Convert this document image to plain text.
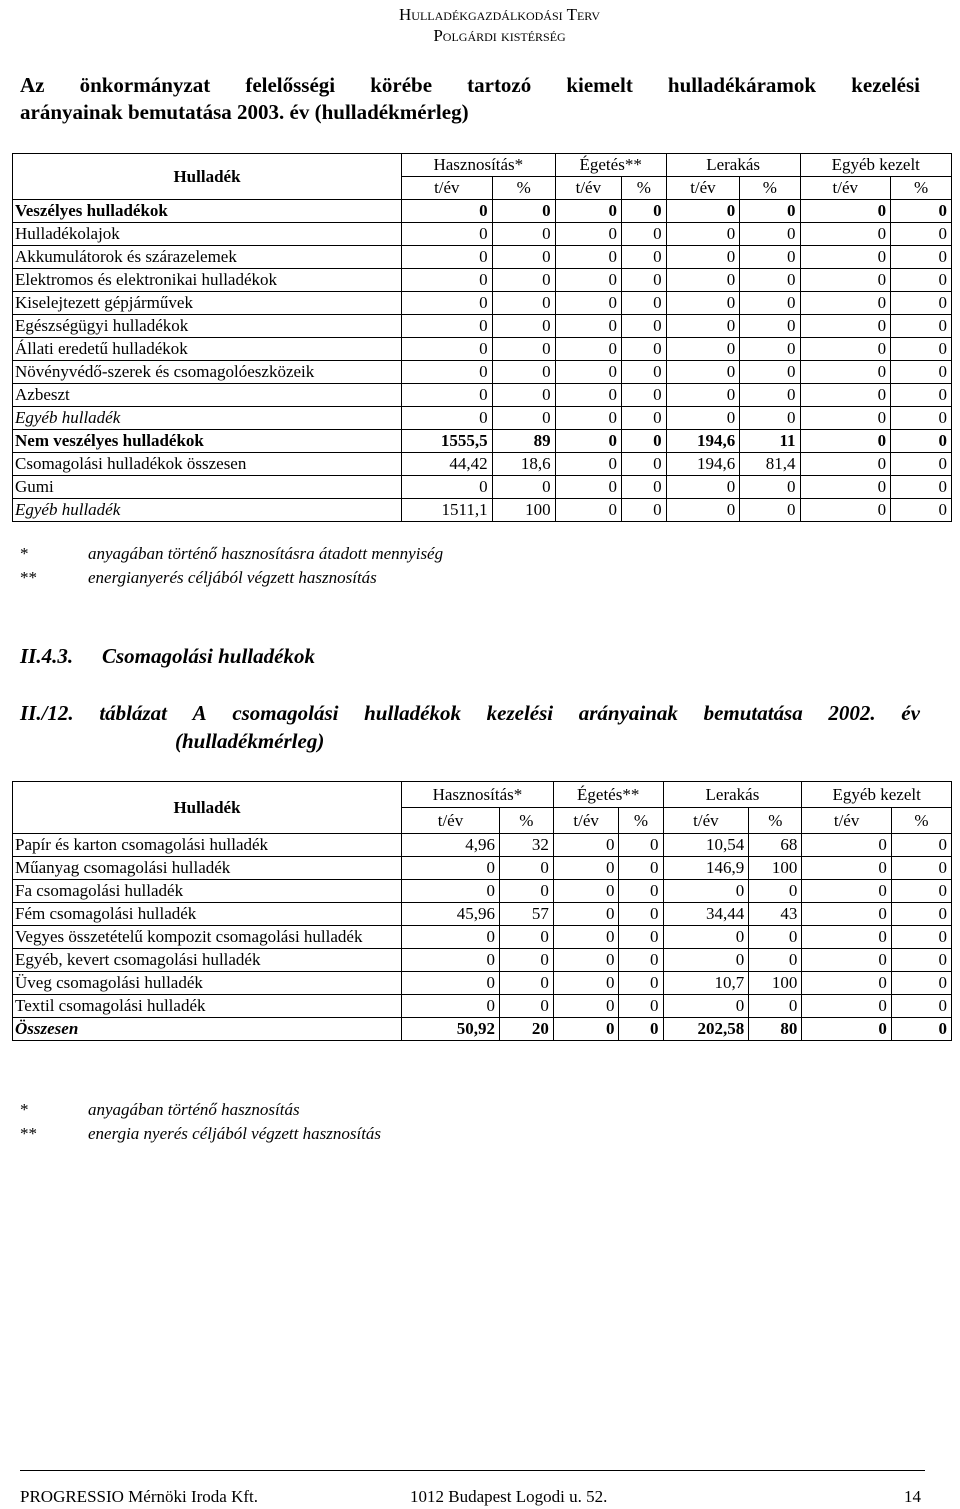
Hulladékgazdálkodási Terv
Polgárdi kistérség
Az önkormányzat felelősségi körébe tartozó kiemelt hulladékáramok kezelési
arányainak bemutatása 2003. év (hulladékmérleg)
Hulladék	Hasznosítás*		Égetés**		Lerakás		Egyéb kezelt	
	t/év	%	t/év	%	t/év	%	t/év	%
Veszélyes hulladékok	0	0	0	0	0	0	0	0
Hulladékolajok	0	0	0	0	0	0	0	0
Akkumulátorok és szárazelemek	0	0	0	0	0	0	0	0
Elektromos és elektronikai hulladékok	0	0	0	0	0	0	0	0
Kiselejtezett gépjárművek	0	0	0	0	0	0	0	0
Egészségügyi hulladékok	0	0	0	0	0	0	0	0
Állati eredetű hulladékok	0	0	0	0	0	0	0	0
Növényvédő-szerek és csomagolóeszközeik	0	0	0	0	0	0	0	0
Azbeszt	0	0	0	0	0	0	0	0
Egyéb hulladék	0	0	0	0	0	0	0	0
Nem veszélyes hulladékok	1555,5	89	0	0	194,6	11	0	0
Csomagolási hulladékok összesen	44,42	18,6	0	0	194,6	81,4	0	0
Gumi	0	0	0	0	0	0	0	0
Egyéb hulladék	1511,1	100	0	0	0	0	0	0
*	anyagában történő hasznosításra átadott mennyiség
**	energianyerés céljából végzett hasznosítás
II.4.3. Csomagolási hulladékok
II./12. táblázat A csomagolási hulladékok kezelési arányainak bemutatása 2002. év
(hulladékmérleg)
Hulladék	Hasznosítás*		Égetés**		Lerakás		Egyéb kezelt	
	t/év	%	t/év	%	t/év	%	t/év	%
Papír és karton csomagolási hulladék	4,96	32	0	0	10,54	68	0	0
Műanyag csomagolási hulladék	0	0	0	0	146,9	100	0	0
Fa csomagolási hulladék	0	0	0	0	0	0	0	0
Fém csomagolási hulladék	45,96	57	0	0	34,44	43	0	0
Vegyes összetételű kompozit csomagolási hulladék	0	0	0	0	0	0	0	0
Egyéb, kevert csomagolási hulladék	0	0	0	0	0	0	0	0
Üveg csomagolási hulladék	0	0	0	0	10,7	100	0	0
Textil csomagolási hulladék	0	0	0	0	0	0	0	0
Összesen	50,92	20	0	0	202,58	80	0	0
*	anyagában történő hasznosítás
**	energia nyerés céljából végzett hasznosítás
PROGRESSIO Mérnöki Iroda Kft.	1012 Budapest Logodi u. 52.	14
